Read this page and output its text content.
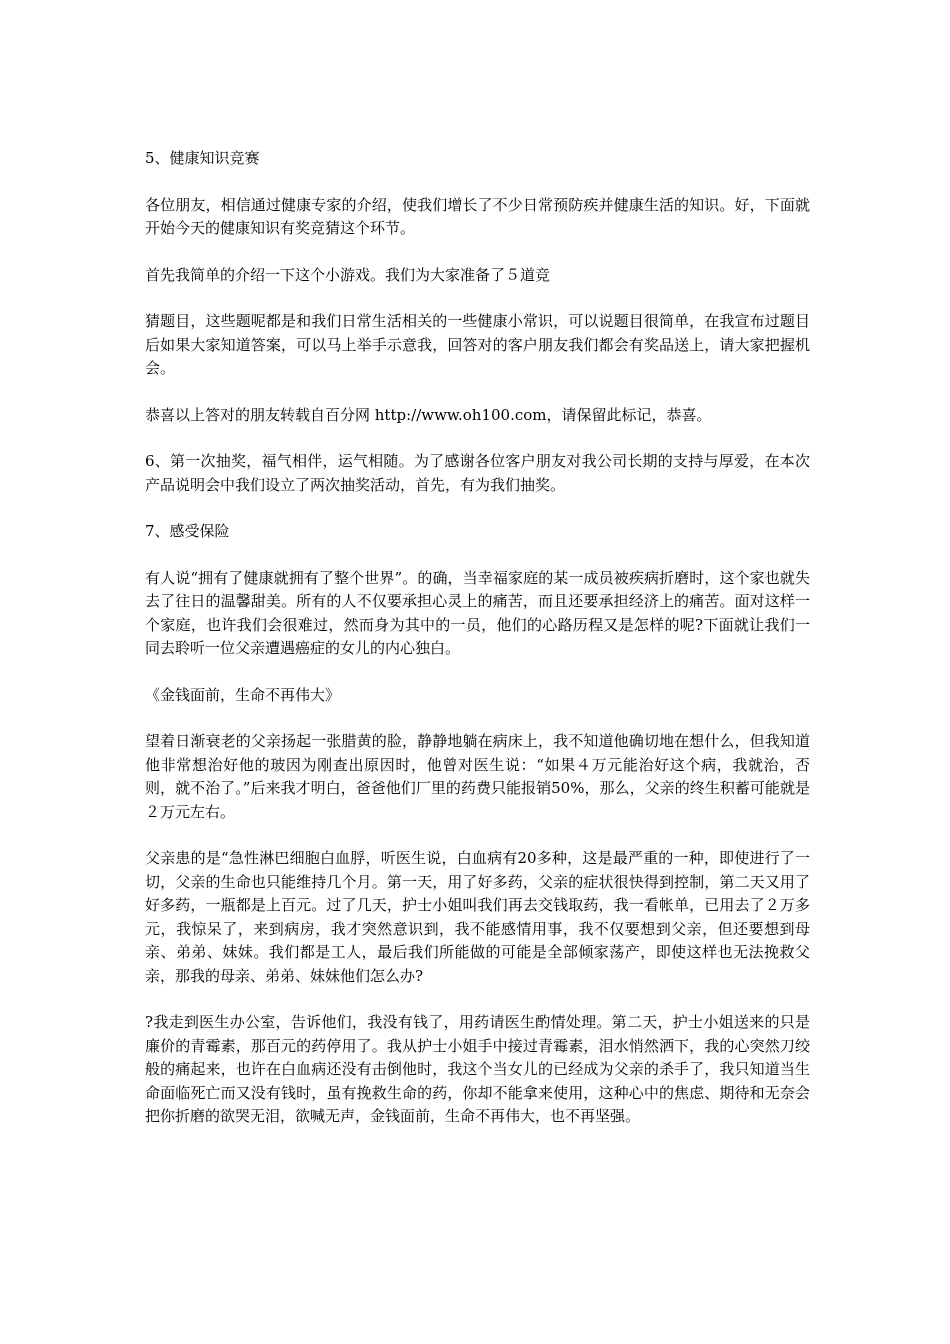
5、健康知识竞赛

各位朋友，相信通过健康专家的介绍，使我们增长了不少日常预防疾并健康生活的知识。好，下面就开始今天的健康知识有奖竞猜这个环节。

首先我简单的介绍一下这个小游戏。我们为大家准备了５道竞

猜题目，这些题呢都是和我们日常生活相关的一些健康小常识，可以说题目很简单，在我宣布过题目后如果大家知道答案，可以马上举手示意我，回答对的客户朋友我们都会有奖品送上，请大家把握机会。

恭喜以上答对的朋友转载自百分网 http://www.oh100.com，请保留此标记，恭喜。

6、第一次抽奖，福气相伴，运气相随。为了感谢各位客户朋友对我公司长期的支持与厚爱，在本次产品说明会中我们设立了两次抽奖活动，首先，有为我们抽奖。

7、感受保险

有人说“拥有了健康就拥有了整个世界”。的确，当幸福家庭的某一成员被疾病折磨时，这个家也就失去了往日的温馨甜美。所有的人不仅要承担心灵上的痛苦，而且还要承担经济上的痛苦。面对这样一个家庭，也许我们会很难过，然而身为其中的一员，他们的心路历程又是怎样的呢?下面就让我们一同去聆听一位父亲遭遇癌症的女儿的内心独白。

《金钱面前，生命不再伟大》

望着日渐衰老的父亲扬起一张腊黄的脸，静静地躺在病床上，我不知道他确切地在想什么，但我知道他非常想治好他的玻因为刚查出原因时，他曾对医生说：“如果４万元能治好这个病，我就治，否则，就不治了。”后来我才明白，爸爸他们厂里的药费只能报销50%，那么，父亲的终生积蓄可能就是２万元左右。

父亲患的是“急性淋巴细胞白血脬，听医生说，白血病有20多种，这是最严重的一种，即使进行了一切，父亲的生命也只能维持几个月。第一天，用了好多药，父亲的症状很快得到控制，第二天又用了好多药，一瓶都是上百元。过了几天，护士小姐叫我们再去交钱取药，我一看帐单，已用去了２万多元，我惊呆了，来到病房，我才突然意识到，我不能感情用事，我不仅要想到父亲，但还要想到母亲、弟弟、妹妹。我们都是工人，最后我们所能做的可能是全部倾家荡产，即使这样也无法挽救父亲，那我的母亲、弟弟、妹妹他们怎么办?

?我走到医生办公室，告诉他们，我没有钱了，用药请医生酌情处理。第二天，护士小姐送来的只是廉价的青霉素，那百元的药停用了。我从护士小姐手中接过青霉素，泪水悄然洒下，我的心突然刀绞般的痛起来，也许在白血病还没有击倒他时，我这个当女儿的已经成为父亲的杀手了，我只知道当生命面临死亡而又没有钱时，虽有挽救生命的药，你却不能拿来使用，这种心中的焦虑、期待和无奈会把你折磨的欲哭无泪，欲喊无声，金钱面前，生命不再伟大，也不再坚强。
